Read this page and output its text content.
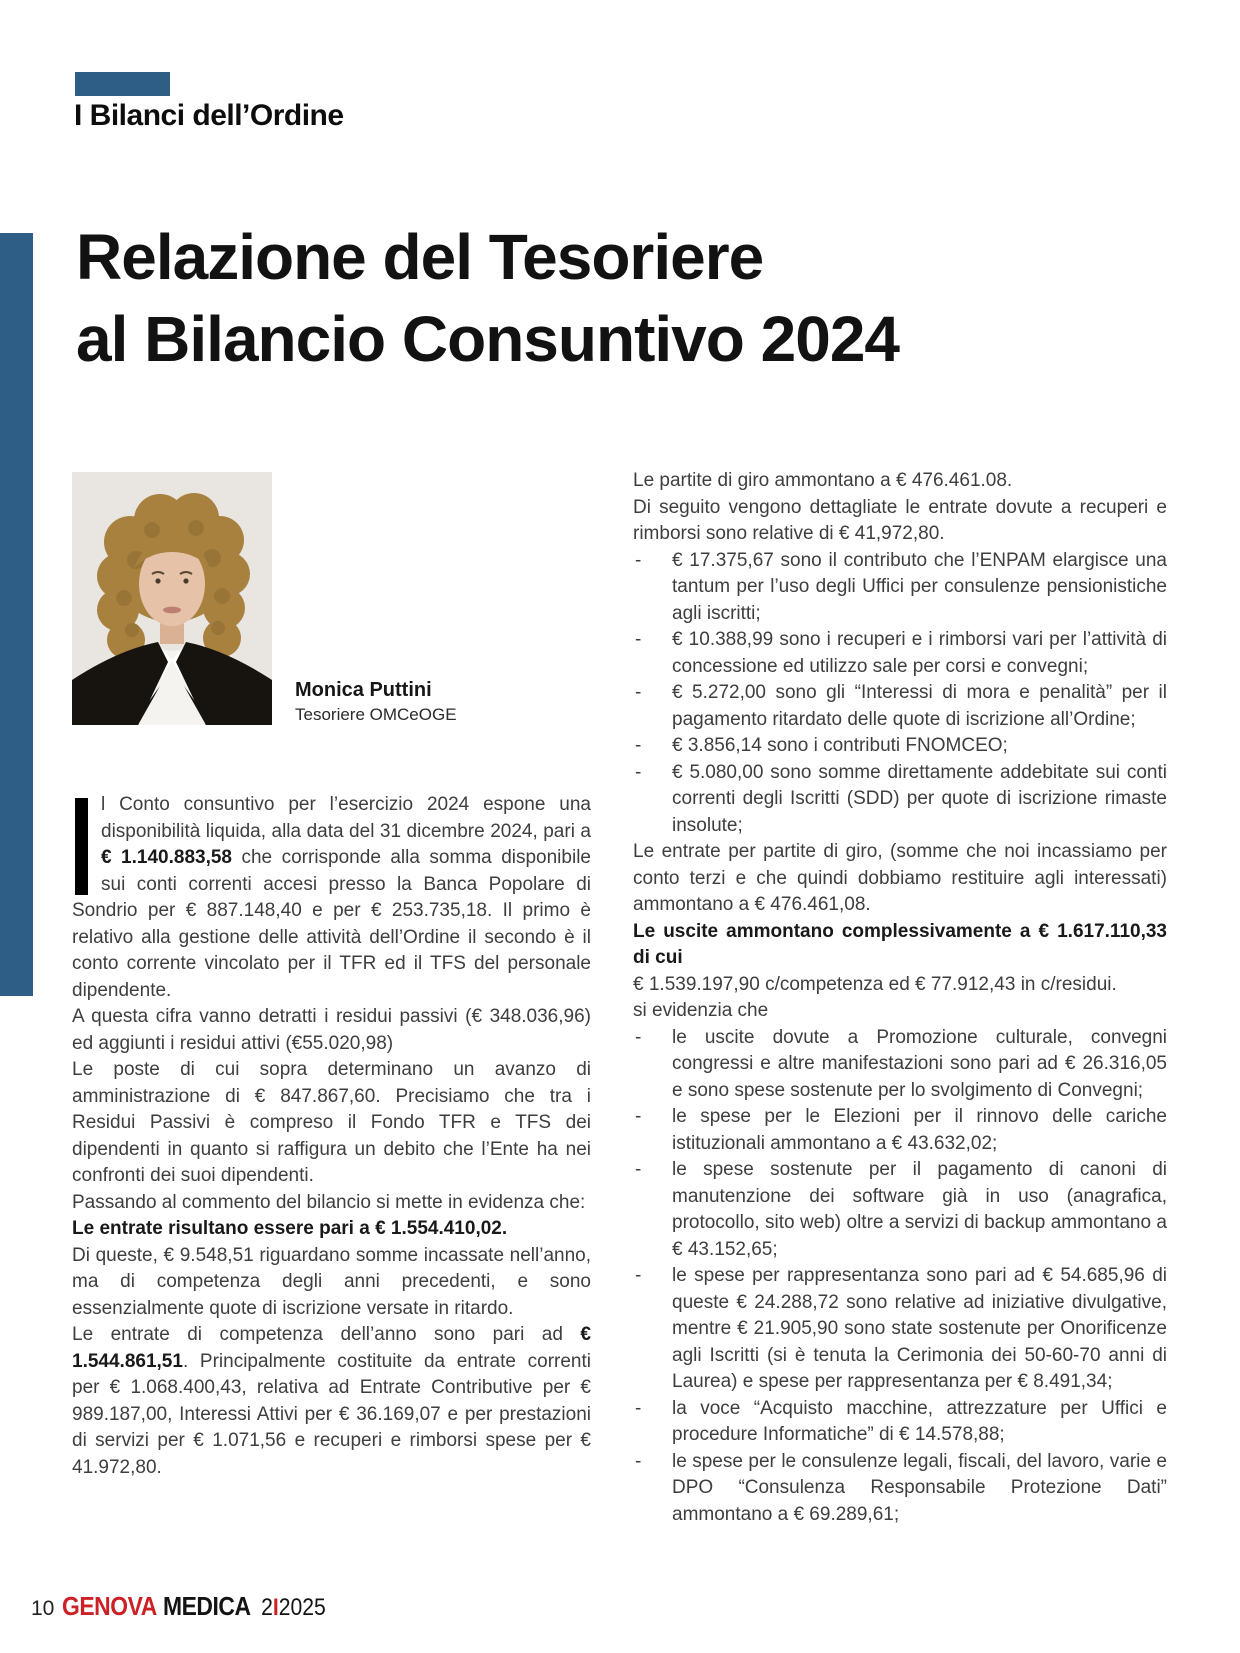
I Bilanci dell’Ordine
Relazione del Tesoriere
al Bilancio Consuntivo 2024
Monica Puttini
Tesoriere OMCeOGE

l Conto consuntivo per l’esercizio 2024 espone una disponibilità liquida, alla data del 31 dicembre 2024, pari a € 1.140.883,58 che corrisponde alla somma disponibile sui conti correnti accesi presso la Banca Popolare di Sondrio per € 887.148,40 e per € 253.735,18. Il primo è relativo alla gestione delle attività dell’Ordine il secondo è il conto corrente vincolato per il TFR ed il TFS del personale dipendente.

A questa cifra vanno detratti i residui passivi (€ 348.036,96) ed aggiunti i residui attivi (€55.020,98)

Le poste di cui sopra determinano un avanzo di amministrazione di € 847.867,60. Precisiamo che tra i Residui Passivi è compreso il Fondo TFR e TFS dei dipendenti in quanto si raffigura un debito che l’Ente ha nei confronti dei suoi dipendenti.

Passando al commento del bilancio si mette in evidenza che:

Le entrate risultano essere pari a € 1.554.410,02.

Di queste, € 9.548,51 riguardano somme incassate nell’anno, ma di competenza degli anni precedenti, e sono essenzialmente quote di iscrizione versate in ritardo.

Le entrate di competenza dell’anno sono pari ad € 1.544.861,51. Principalmente costituite da entrate correnti per € 1.068.400,43, relativa ad Entrate Contributive per € 989.187,00, Interessi Attivi per € 36.169,07 e per prestazioni di servizi per € 1.071,56 e recuperi e rimborsi spese per € 41.972,80.

Le partite di giro ammontano a € 476.461.08.

Di seguito vengono dettagliate le entrate dovute a recuperi e rimborsi sono relative di € 41,972,80.

- € 17.375,67 sono il contributo che l’ENPAM elargisce una tantum per l’uso degli Uffici per consulenze pensionistiche agli iscritti;
- € 10.388,99 sono i recuperi e i rimborsi vari per l’attività di concessione ed utilizzo sale per corsi e convegni;
- € 5.272,00 sono gli “Interessi di mora e penalità” per il pagamento ritardato delle quote di iscrizione all’Ordine;
- € 3.856,14 sono i contributi FNOMCEO;
- € 5.080,00 sono somme direttamente addebitate sui conti correnti degli Iscritti (SDD) per quote di iscrizione rimaste insolute;

Le entrate per partite di giro, (somme che noi incassiamo per conto terzi e che quindi dobbiamo restituire agli interessati) ammontano a € 476.461,08.

Le uscite ammontano complessivamente a € 1.617.110,33 di cui

€ 1.539.197,90 c/competenza ed € 77.912,43 in c/residui.

si evidenzia che

- le uscite dovute a Promozione culturale, convegni congressi e altre manifestazioni sono pari ad € 26.316,05 e sono spese sostenute per lo svolgimento di Convegni;
- le spese per le Elezioni per il rinnovo delle cariche istituzionali ammontano a € 43.632,02;
- le spese sostenute per il pagamento di canoni di manutenzione dei software già in uso (anagrafica, protocollo, sito web) oltre a servizi di backup ammontano a € 43.152,65;
- le spese per rappresentanza sono pari ad € 54.685,96 di queste € 24.288,72 sono relative ad iniziative divulgative, mentre € 21.905,90 sono state sostenute per Onorificenze agli Iscritti (si è tenuta la Cerimonia dei 50-60-70 anni di Laurea) e spese per rappresentanza per € 8.491,34;
- la voce “Acquisto macchine, attrezzature per Uffici e procedure Informatiche” di € 14.578,88;
- le spese per le consulenze legali, fiscali, del lavoro, varie e DPO “Consulenza Responsabile Protezione Dati” ammontano a € 69.289,61;
10 GENOVA MEDICA 2I2025
